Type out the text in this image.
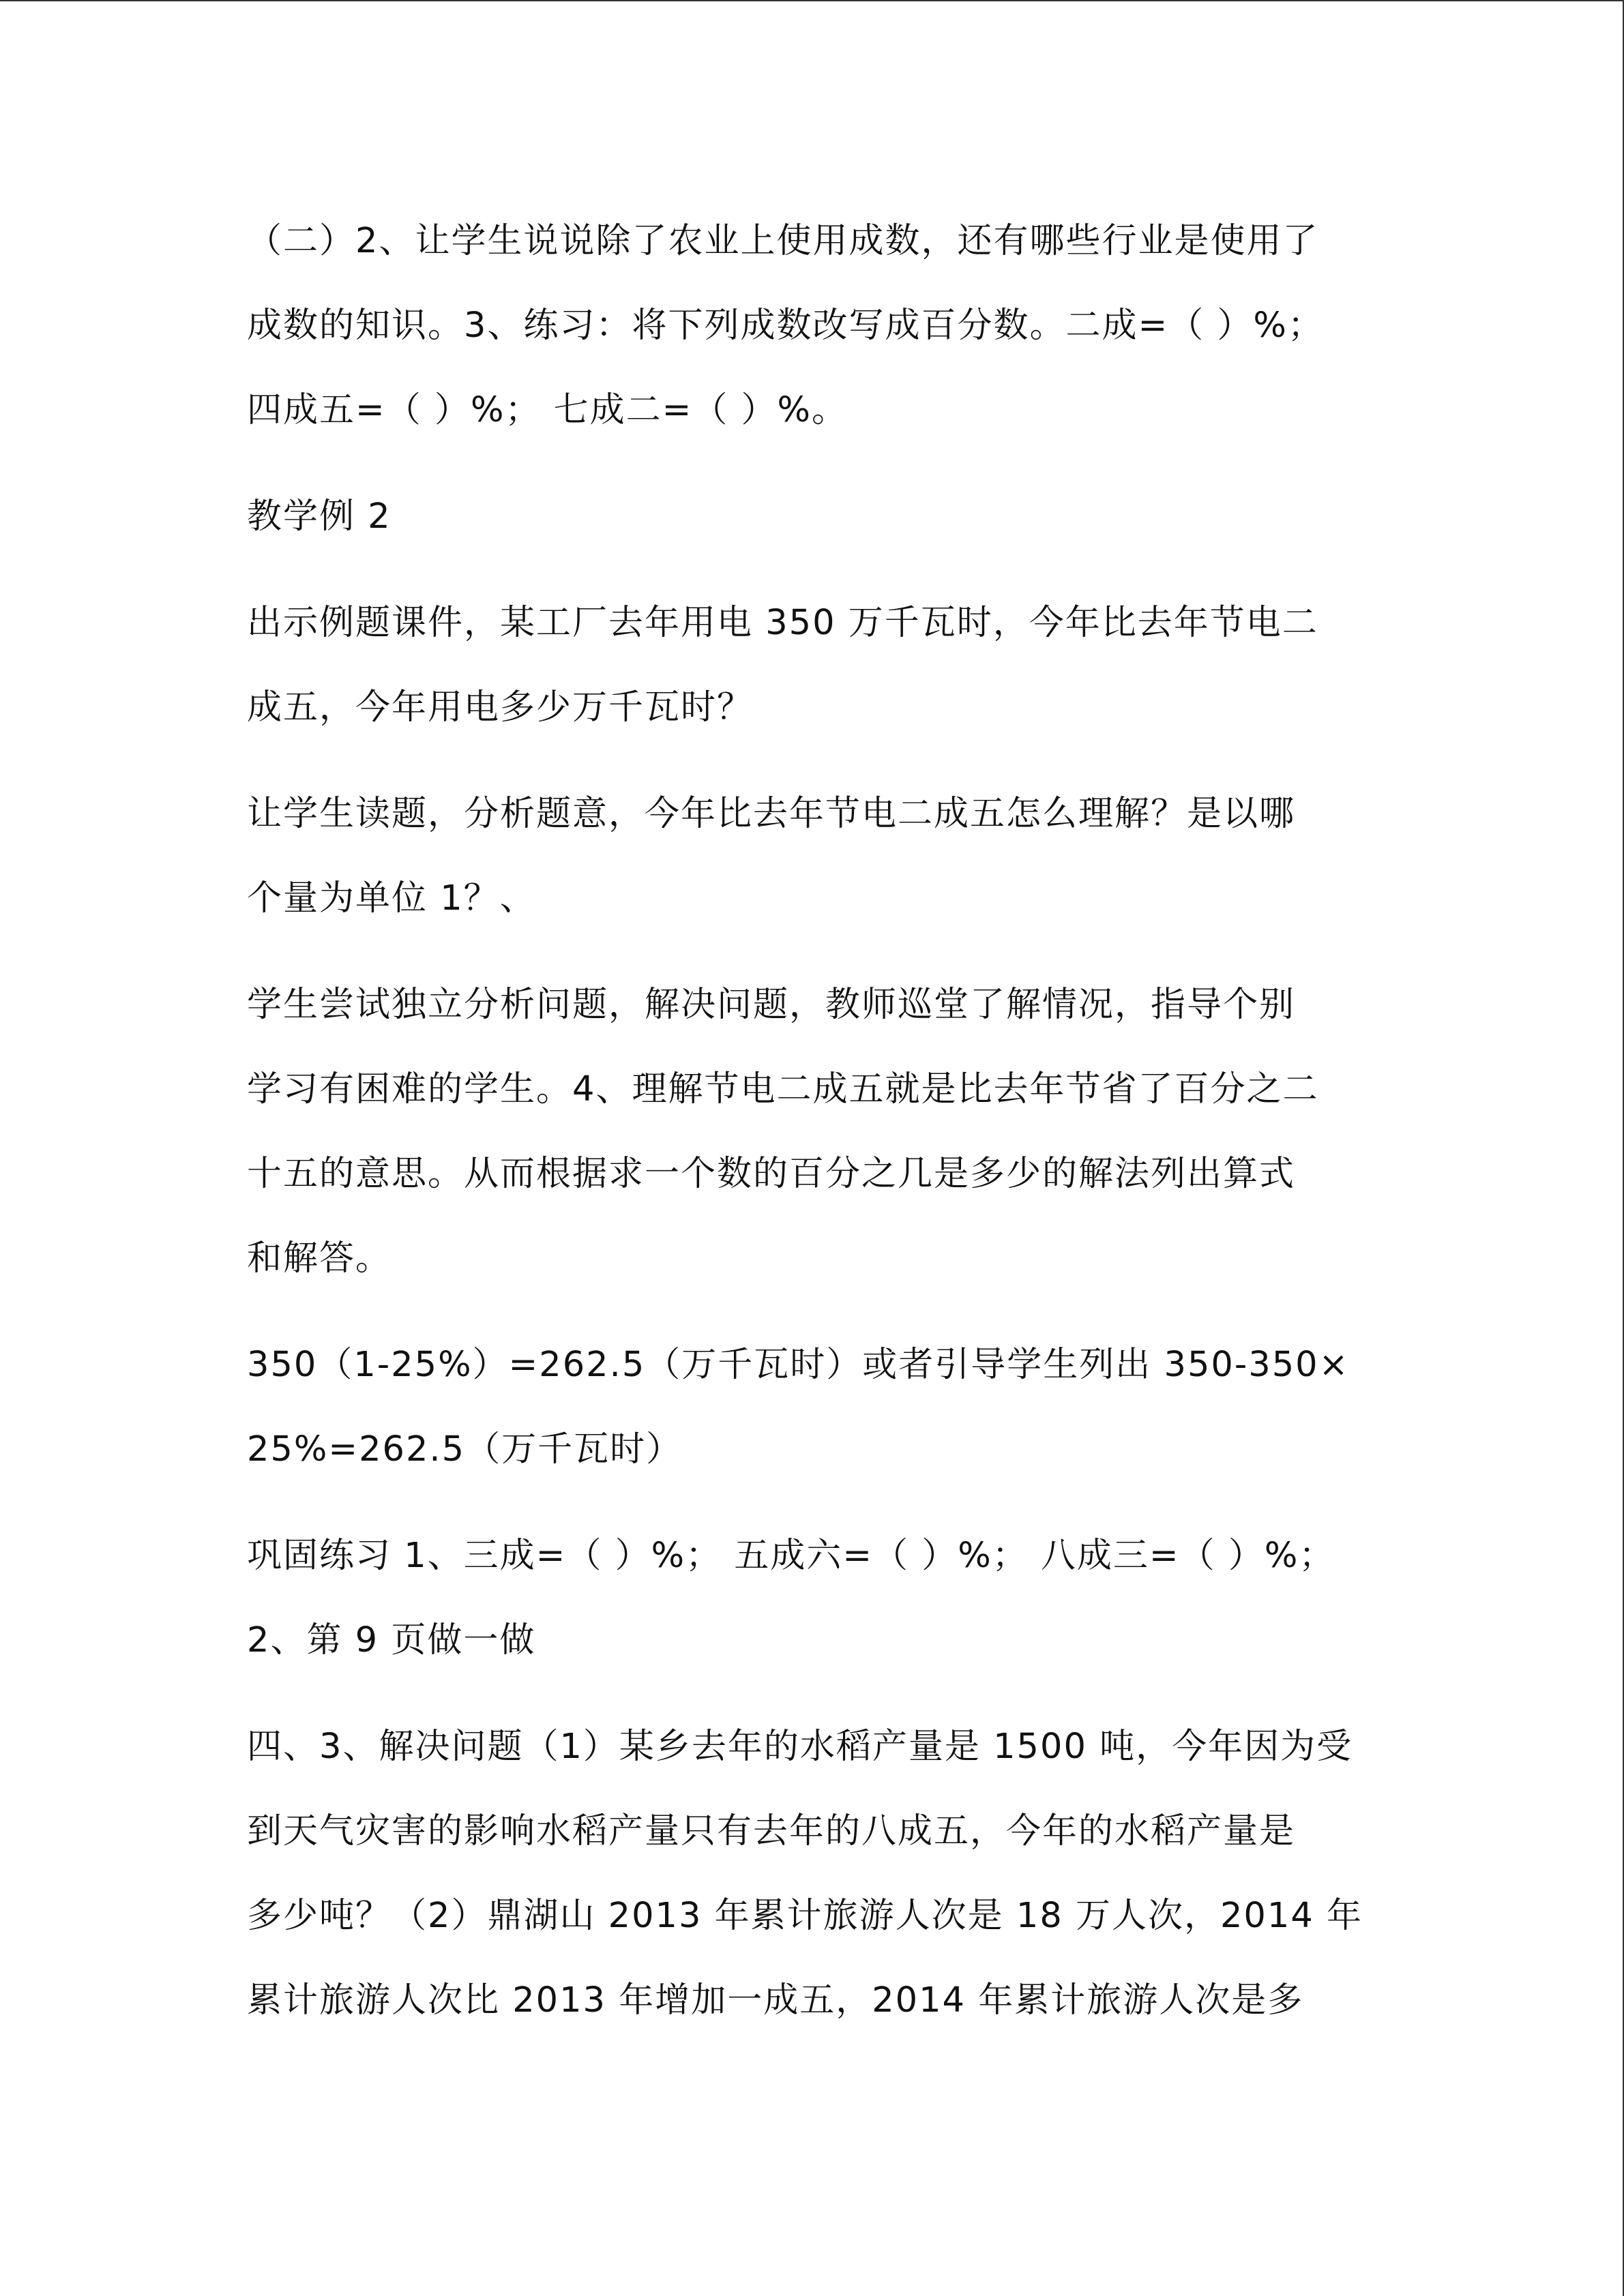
（二）2、让学生说说除了农业上使用成数，还有哪些行业是使用了
成数的知识。3、练习：将下列成数改写成百分数。二成=（ ）%；
四成五=（ ）%； 七成二=（ ）%。
教学例 2
出示例题课件，某工厂去年用电 350 万千瓦时，今年比去年节电二
成五，今年用电多少万千瓦时？
让学生读题，分析题意，今年比去年节电二成五怎么理解？是以哪
个量为单位 1？、
学生尝试独立分析问题，解决问题，教师巡堂了解情况，指导个别
学习有困难的学生。4、理解节电二成五就是比去年节省了百分之二
十五的意思。从而根据求一个数的百分之几是多少的解法列出算式
和解答。
350（1-25%）=262.5（万千瓦时）或者引导学生列出 350-350×
25%=262.5（万千瓦时）
巩固练习 1、三成=（ ）%； 五成六=（ ）%； 八成三=（ ）%；
2、第 9 页做一做
四、3、解决问题（1）某乡去年的水稻产量是 1500 吨，今年因为受
到天气灾害的影响水稻产量只有去年的八成五，今年的水稻产量是
多少吨？（2）鼎湖山 2013 年累计旅游人次是 18 万人次，2014 年
累计旅游人次比 2013 年增加一成五，2014 年累计旅游人次是多
